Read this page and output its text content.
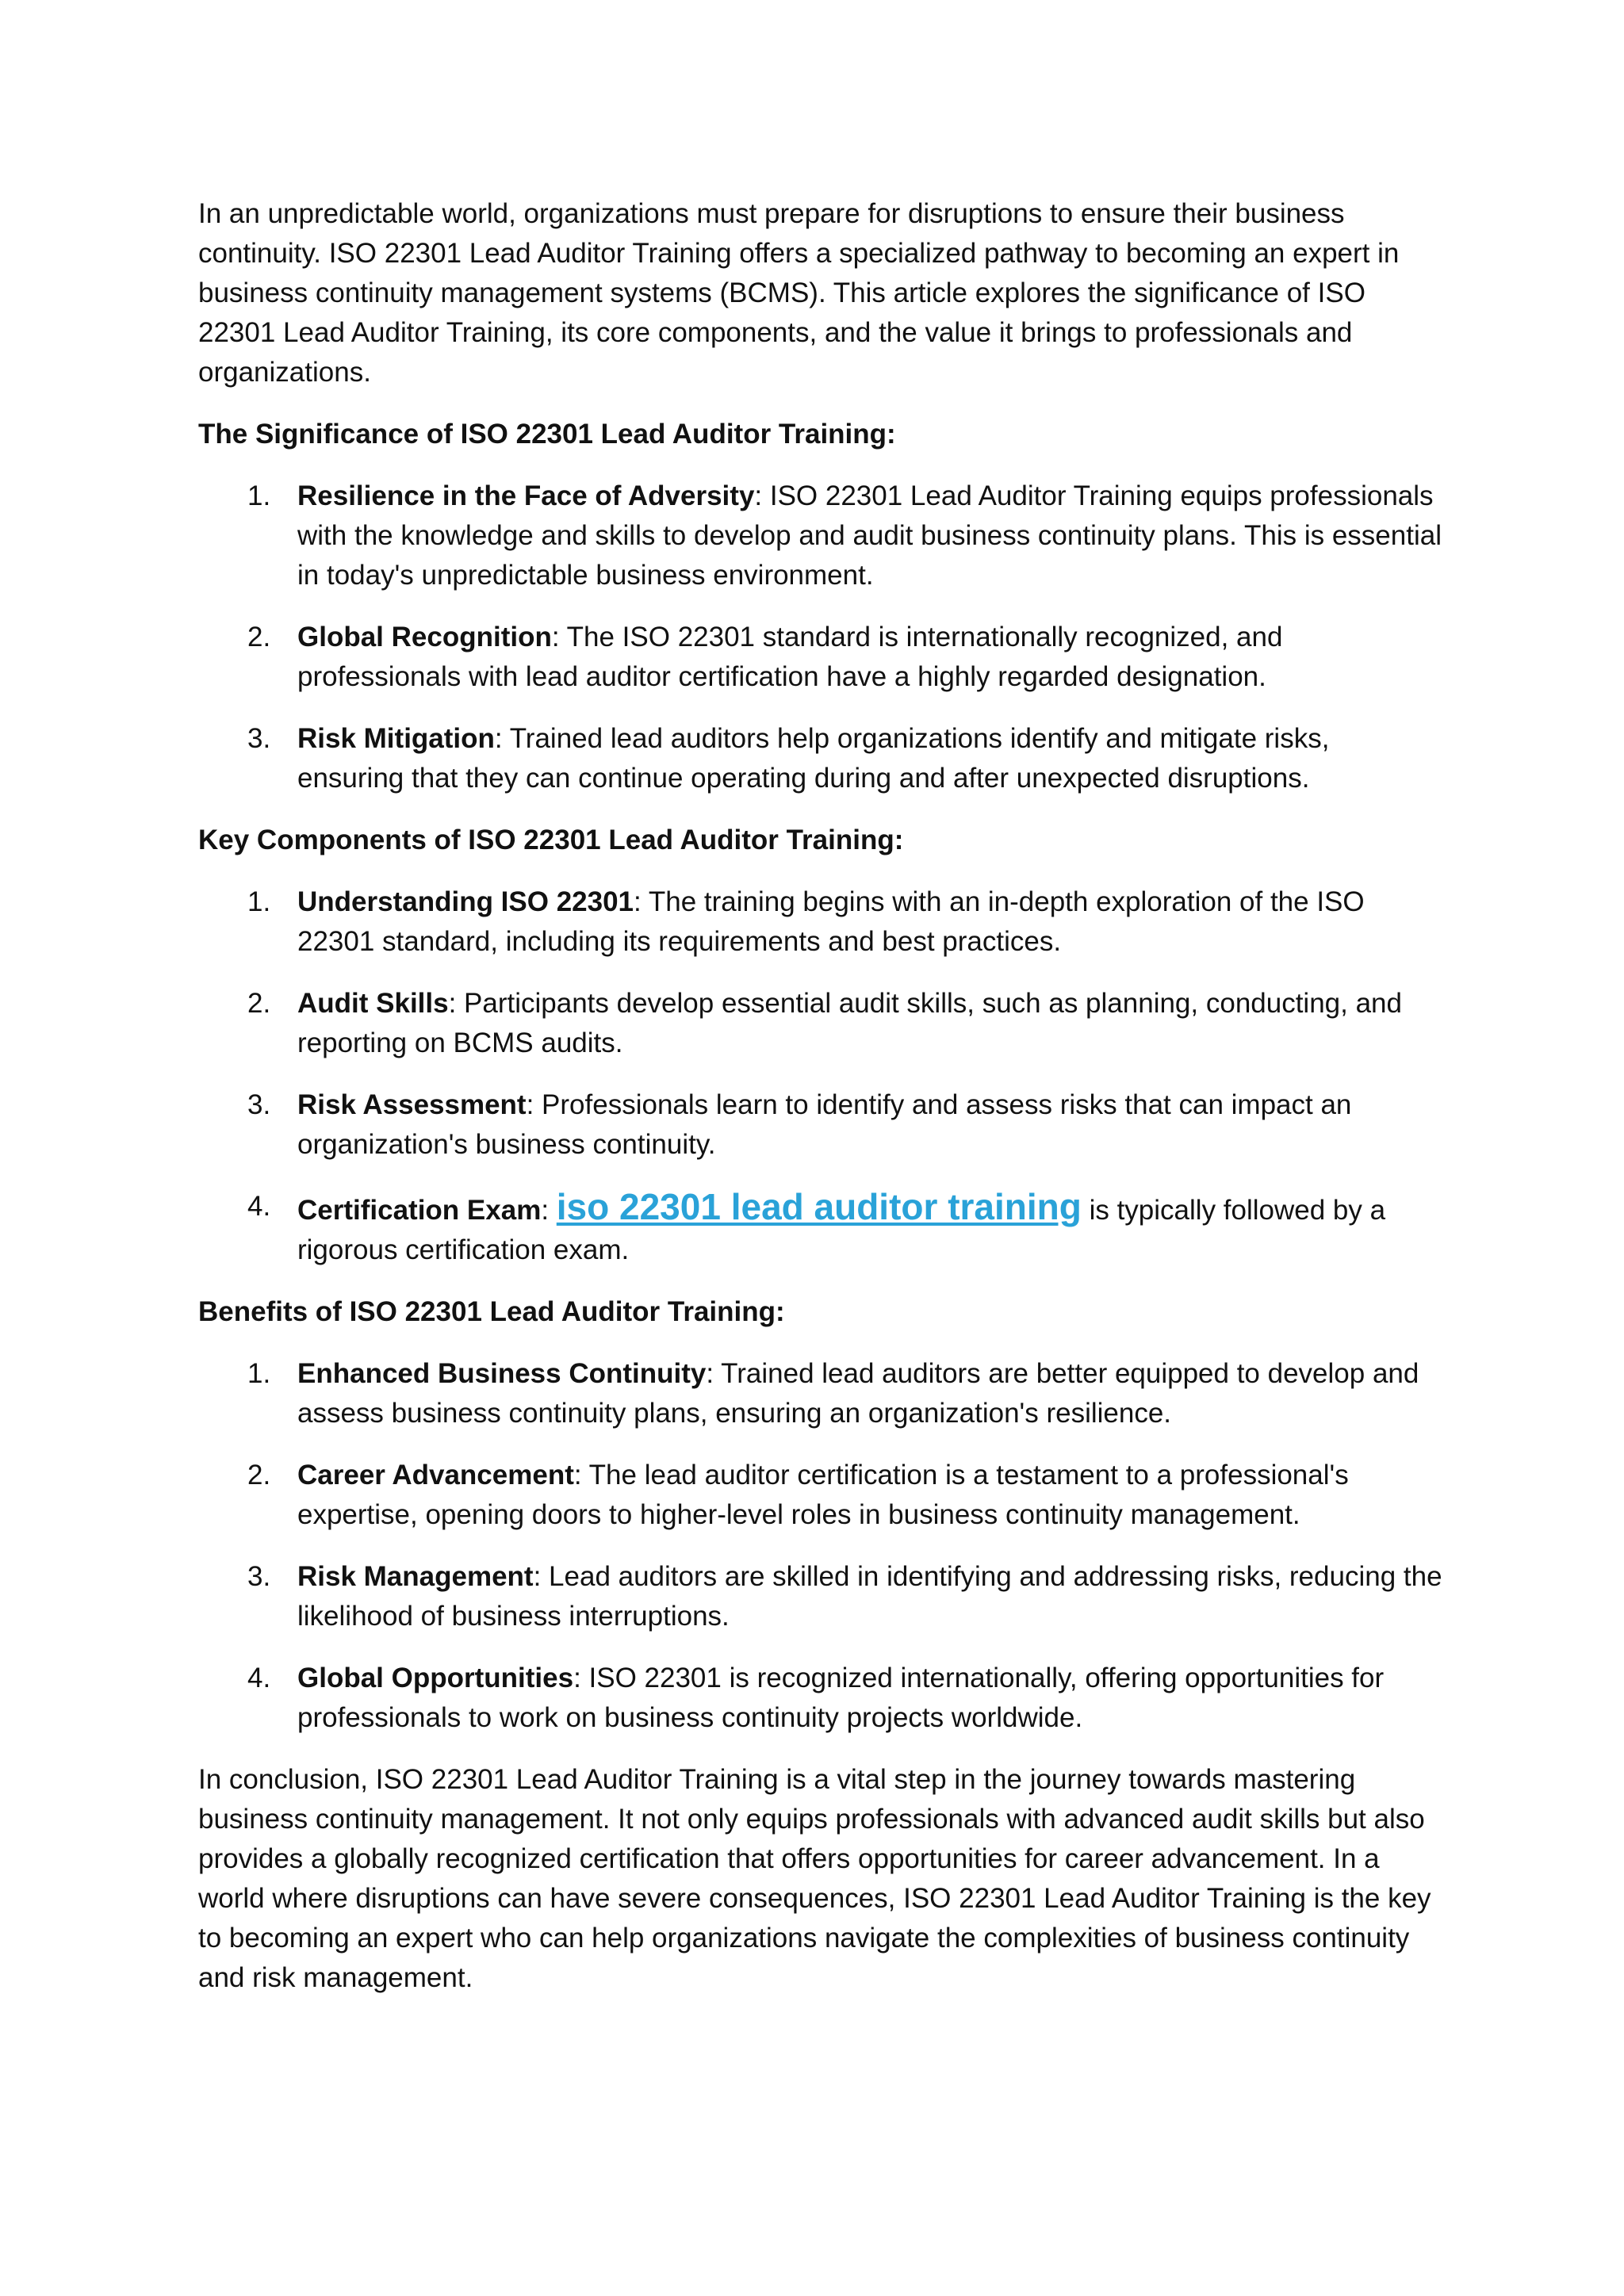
In an unpredictable world, organizations must prepare for disruptions to ensure their business continuity. ISO 22301 Lead Auditor Training offers a specialized pathway to becoming an expert in business continuity management systems (BCMS). This article explores the significance of ISO 22301 Lead Auditor Training, its core components, and the value it brings to professionals and organizations.

The Significance of ISO 22301 Lead Auditor Training:

1. Resilience in the Face of Adversity: ISO 22301 Lead Auditor Training equips professionals with the knowledge and skills to develop and audit business continuity plans. This is essential in today's unpredictable business environment.
2. Global Recognition: The ISO 22301 standard is internationally recognized, and professionals with lead auditor certification have a highly regarded designation.
3. Risk Mitigation: Trained lead auditors help organizations identify and mitigate risks, ensuring that they can continue operating during and after unexpected disruptions.

Key Components of ISO 22301 Lead Auditor Training:

1. Understanding ISO 22301: The training begins with an in-depth exploration of the ISO 22301 standard, including its requirements and best practices.
2. Audit Skills: Participants develop essential audit skills, such as planning, conducting, and reporting on BCMS audits.
3. Risk Assessment: Professionals learn to identify and assess risks that can impact an organization's business continuity.
4. Certification Exam: iso 22301 lead auditor training is typically followed by a rigorous certification exam.

Benefits of ISO 22301 Lead Auditor Training:

1. Enhanced Business Continuity: Trained lead auditors are better equipped to develop and assess business continuity plans, ensuring an organization's resilience.
2. Career Advancement: The lead auditor certification is a testament to a professional's expertise, opening doors to higher-level roles in business continuity management.
3. Risk Management: Lead auditors are skilled in identifying and addressing risks, reducing the likelihood of business interruptions.
4. Global Opportunities: ISO 22301 is recognized internationally, offering opportunities for professionals to work on business continuity projects worldwide.

In conclusion, ISO 22301 Lead Auditor Training is a vital step in the journey towards mastering business continuity management. It not only equips professionals with advanced audit skills but also provides a globally recognized certification that offers opportunities for career advancement. In a world where disruptions can have severe consequences, ISO 22301 Lead Auditor Training is the key to becoming an expert who can help organizations navigate the complexities of business continuity and risk management.
